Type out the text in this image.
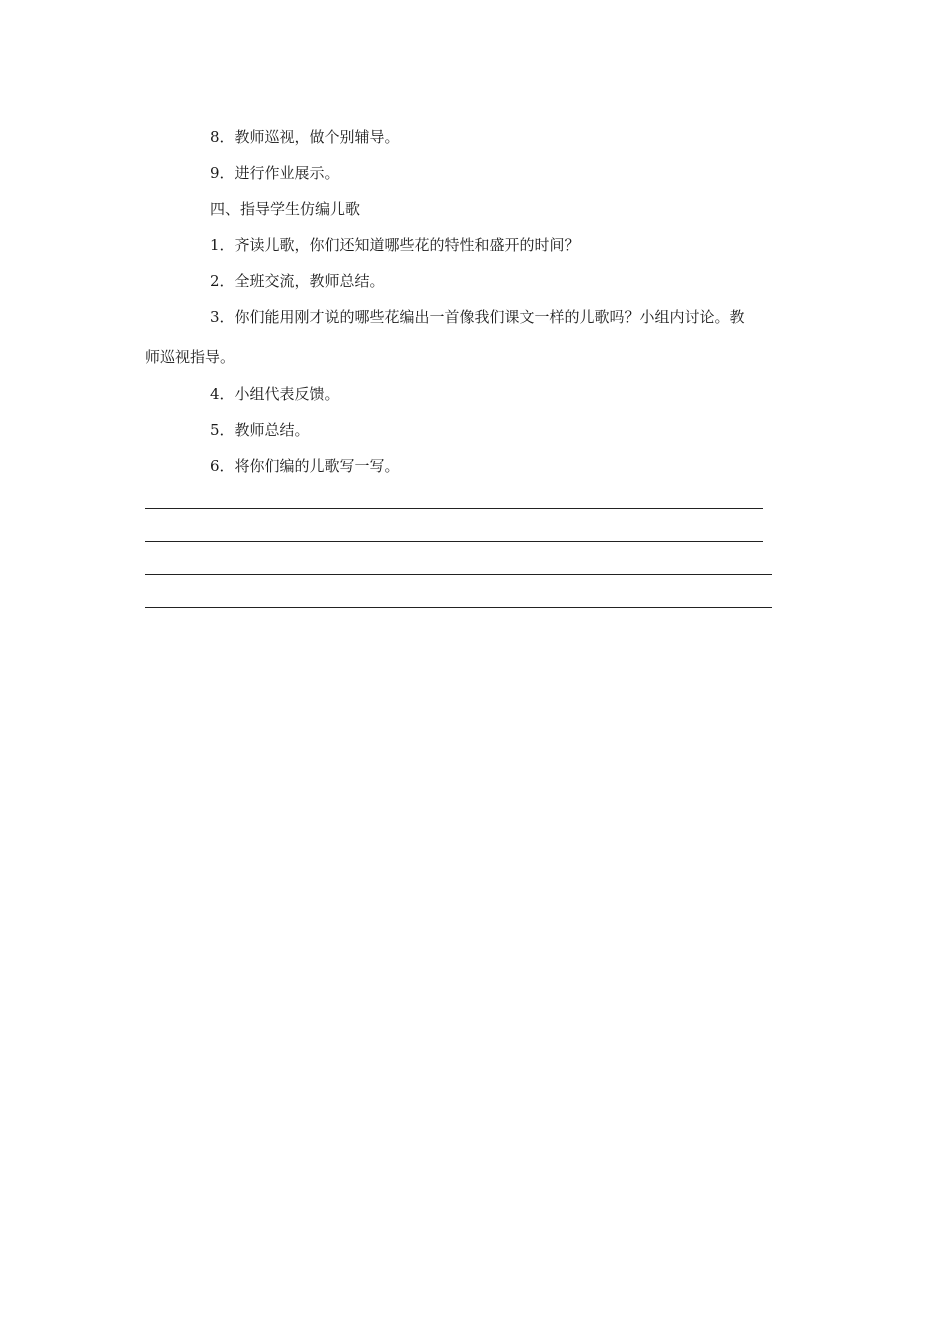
8．教师巡视，做个别辅导。
9．进行作业展示。
四、指导学生仿编儿歌
1．齐读儿歌，你们还知道哪些花的特性和盛开的时间？
2．全班交流，教师总结。
3．你们能用刚才说的哪些花编出一首像我们课文一样的儿歌吗？小组内讨论。教
师巡视指导。
4．小组代表反馈。
5．教师总结。
6．将你们编的儿歌写一写。
